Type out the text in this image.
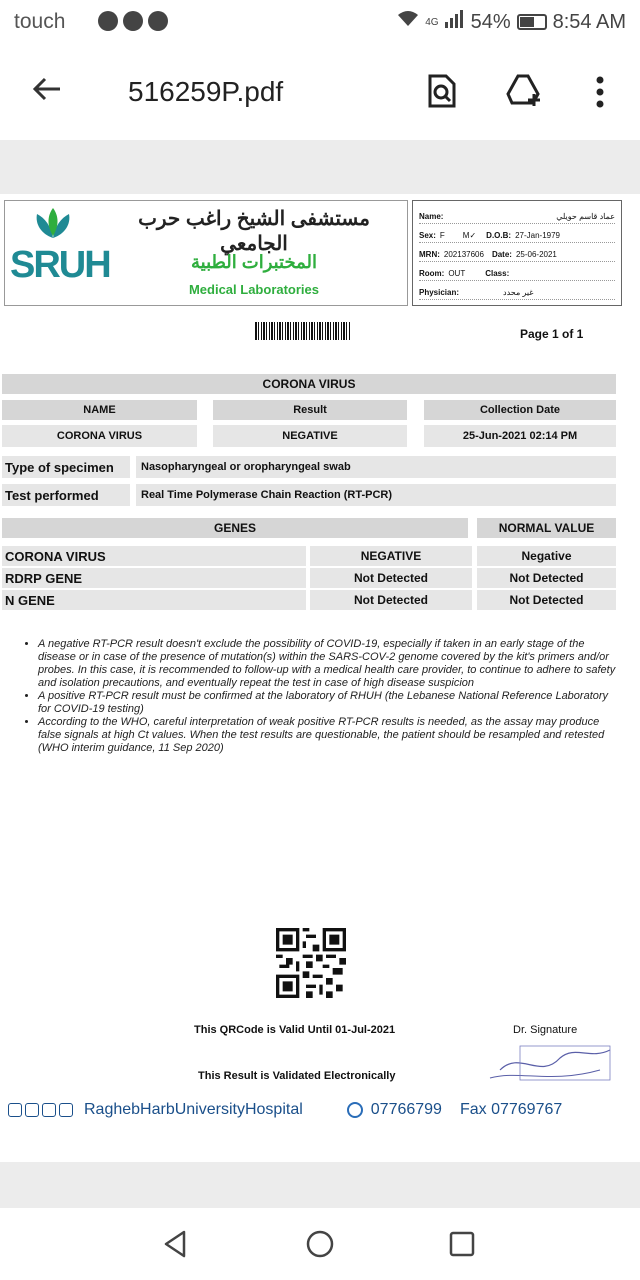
touch	4G 54% 8:54 AM
516259P.pdf
SRUH
مستشفى الشيخ راغب حرب الجامعي
المختبرات الطبية
Medical Laboratories
Name:	عماد قاسم حويلي
Sex: F M✓ D.O.B: 27-Jan-1979
MRN: 202137606 Date: 25-06-2021
Room: OUT	Class:
Physician:	غير محدد
Page 1 of 1
CORONA VIRUS
NAME	Result	Collection Date
CORONA VIRUS	NEGATIVE	25-Jun-2021 02:14 PM
Type of specimen	Nasopharyngeal or oropharyngeal swab
Test performed	Real Time Polymerase Chain Reaction (RT-PCR)
GENES	NORMAL VALUE
CORONA VIRUS	NEGATIVE	Negative
RDRP GENE	Not Detected	Not Detected
N GENE	Not Detected	Not Detected
• A negative RT-PCR result doesn't exclude the possibility of COVID-19, especially if taken in an early stage of the disease or in case of the presence of mutation(s) within the SARS-COV-2 genome covered by the kit's primers and/or probes. In this case, it is recommended to follow-up with a medical health care provider, to continue to adhere to safety and isolation precautions, and eventually repeat the test in case of high disease suspicion
• A positive RT-PCR result must be confirmed at the laboratory of RHUH (the Lebanese National Reference Laboratory for COVID-19 testing)
• According to the WHO, careful interpretation of weak positive RT-PCR results is needed, as the assay may produce false signals at high Ct values. When the test results are questionable, the patient should be resampled and retested (WHO interim guidance, 11 Sep 2020)
This QRCode is Valid Until 01-Jul-2021	Dr. Signature
This Result is Validated Electronically
RaghebHarbUniversityHospital	07766799 Fax 07769767
